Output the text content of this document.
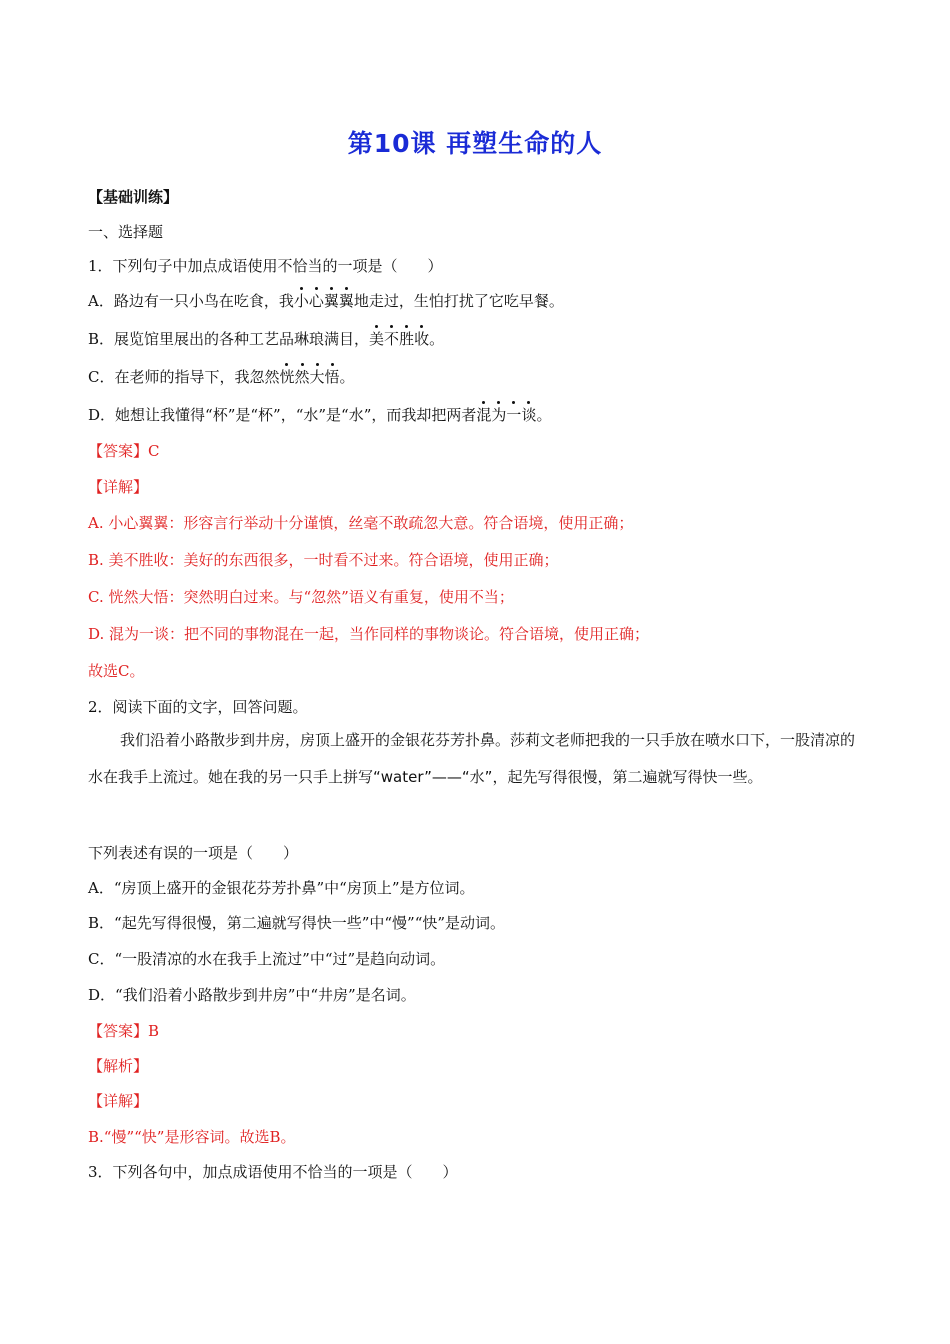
第10课 再塑生命的人
【基础训练】
一、选择题
1．下列句子中加点成语使用不恰当的一项是（　　）
A．路边有一只小鸟在吃食，我小心翼翼地走过，生怕打扰了它吃早餐。
B．展览馆里展出的各种工艺品琳琅满目，美不胜收。
C．在老师的指导下，我忽然恍然大悟。
D．她想让我懂得“杯”是“杯”，“水”是“水”，而我却把两者混为一谈。
【答案】C
【详解】
A. 小心翼翼：形容言行举动十分谨慎，丝毫不敢疏忽大意。符合语境，使用正确；
B. 美不胜收：美好的东西很多，一时看不过来。符合语境，使用正确；
C. 恍然大悟：突然明白过来。与“忽然”语义有重复，使用不当；
D. 混为一谈：把不同的事物混在一起，当作同样的事物谈论。符合语境，使用正确；
故选C。
2．阅读下面的文字，回答问题。
我们沿着小路散步到井房，房顶上盛开的金银花芬芳扑鼻。莎莉文老师把我的一只手放在喷水口下，一股清凉的水在我手上流过。她在我的另一只手上拼写“water”——“水”，起先写得很慢，第二遍就写得快一些。
下列表述有误的一项是（　　）
A．“房顶上盛开的金银花芬芳扑鼻”中“房顶上”是方位词。
B．“起先写得很慢，第二遍就写得快一些”中“慢”“快”是动词。
C．“一股清凉的水在我手上流过”中“过”是趋向动词。
D．“我们沿着小路散步到井房”中“井房”是名词。
【答案】B
【解析】
【详解】
B.“慢”“快”是形容词。故选B。
3．下列各句中，加点成语使用不恰当的一项是（　　）
